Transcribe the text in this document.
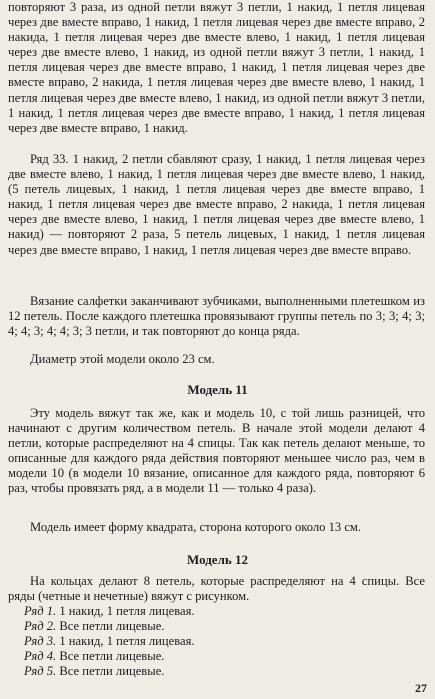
повторяют 3 раза, из одной петли вяжут 3 петли, 1 накид, 1 петля лицевая через две вместе вправо, 1 накид, 1 петля лицевая через две вместе вправо, 2 накида, 1 петля лицевая через две вместе влево, 1 накид, 1 петля лицевая через две вместе влево, 1 накид, из одной петли вяжут 3 петли, 1 накид, 1 петля лицевая через две вместе вправо, 1 накид, 1 петля лицевая через две вместе вправо, 2 накида, 1 петля лицевая через две вместе влево, 1 накид, 1 петля лицевая через две вместе влево, 1 накид, из одной петли вяжут 3 петли, 1 накид, 1 петля лицевая через две вместе вправо, 1 накид, 1 петля лицевая через две вместе вправо, 1 накид.

Ряд 33. 1 накид, 2 петли сбавляют сразу, 1 накид, 1 петля лицевая через две вместе влево, 1 накид, 1 петля лицевая через две вместе влево, 1 накид, (5 петель лицевых, 1 накид, 1 петля лицевая через две вместе вправо, 1 накид, 1 петля лицевая через две вместе вправо, 2 накида, 1 петля лицевая через две вместе влево, 1 накид, 1 петля лицевая через две вместе влево, 1 накид) — повторяют 2 раза, 5 петель лицевых, 1 накид, 1 петля лицевая через две вместе вправо, 1 накид, 1 петля лицевая через две вместе вправо.

Вязание салфетки заканчивают зубчиками, выполненными плетешком из 12 петель. После каждого плетешка провязывают группы петель по 3; 3; 4; 3; 4; 4; 3; 4; 4; 3; 3 петли, и так повторяют до конца ряда.

Диаметр этой модели около 23 см.

Модель 11

Эту модель вяжут так же, как и модель 10, с той лишь разницей, что начинают с другим количеством петель. В начале этой модели делают 4 петли, которые распределяют на 4 спицы. Так как петель делают меньше, то описанные для каждого ряда действия повторяют меньшее число раз, чем в модели 10 (в модели 10 вязание, описанное для каждого ряда, повторяют 6 раз, чтобы провязать ряд, а в модели 11 — только 4 раза).

Модель имеет форму квадрата, сторона которого около 13 см.

Модель 12

На кольцах делают 8 петель, которые распределяют на 4 спицы. Все ряды (четные и нечетные) вяжут с рисунком.

Ряд 1. 1 накид, 1 петля лицевая.

Ряд 2. Все петли лицевые.

Ряд 3. 1 накид, 1 петля лицевая.

Ряд 4. Все петли лицевые.

Ряд 5. Все петли лицевые.

27
